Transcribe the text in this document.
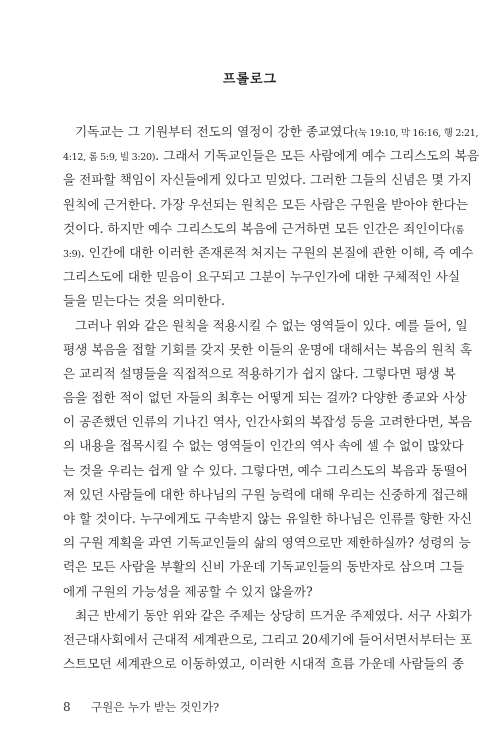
프롤로그
기독교는 그 기원부터 전도의 열정이 강한 종교였다(눅 19:10, 막 16:16, 행 2:21,
4:12, 롬 5:9, 빌 3:20). 그래서 기독교인들은 모든 사람에게 예수 그리스도의 복음
을 전파할 책임이 자신들에게 있다고 믿었다. 그러한 그들의 신념은 몇 가지
원칙에 근거한다. 가장 우선되는 원칙은 모든 사람은 구원을 받아야 한다는
것이다. 하지만 예수 그리스도의 복음에 근거하면 모든 인간은 죄인이다(롬
3:9). 인간에 대한 이러한 존재론적 처지는 구원의 본질에 관한 이해, 즉 예수
그리스도에 대한 믿음이 요구되고 그분이 누구인가에 대한 구체적인 사실
들을 믿는다는 것을 의미한다.
그러나 위와 같은 원칙을 적용시킬 수 없는 영역들이 있다. 예를 들어, 일
평생 복음을 접할 기회를 갖지 못한 이들의 운명에 대해서는 복음의 원칙 혹
은 교리적 설명들을 직접적으로 적용하기가 쉽지 않다. 그렇다면 평생 복
음을 접한 적이 없던 자들의 최후는 어떻게 되는 걸까? 다양한 종교와 사상
이 공존했던 인류의 기나긴 역사, 인간사회의 복잡성 등을 고려한다면, 복음
의 내용을 접목시킬 수 없는 영역들이 인간의 역사 속에 셀 수 없이 많았다
는 것을 우리는 쉽게 알 수 있다. 그렇다면, 예수 그리스도의 복음과 동떨어
져 있던 사람들에 대한 하나님의 구원 능력에 대해 우리는 신중하게 접근해
야 할 것이다. 누구에게도 구속받지 않는 유일한 하나님은 인류를 향한 자신
의 구원 계획을 과연 기독교인들의 삶의 영역으로만 제한하실까? 성령의 능
력은 모든 사람을 부활의 신비 가운데 기독교인들의 동반자로 삼으며 그들
에게 구원의 가능성을 제공할 수 있지 않을까?
최근 반세기 동안 위와 같은 주제는 상당히 뜨거운 주제였다. 서구 사회가
전근대사회에서 근대적 세계관으로, 그리고 20세기에 들어서면서부터는 포
스트모던 세계관으로 이동하였고, 이러한 시대적 흐름 가운데 사람들의 종
8 구원은 누가 받는 것인가?
